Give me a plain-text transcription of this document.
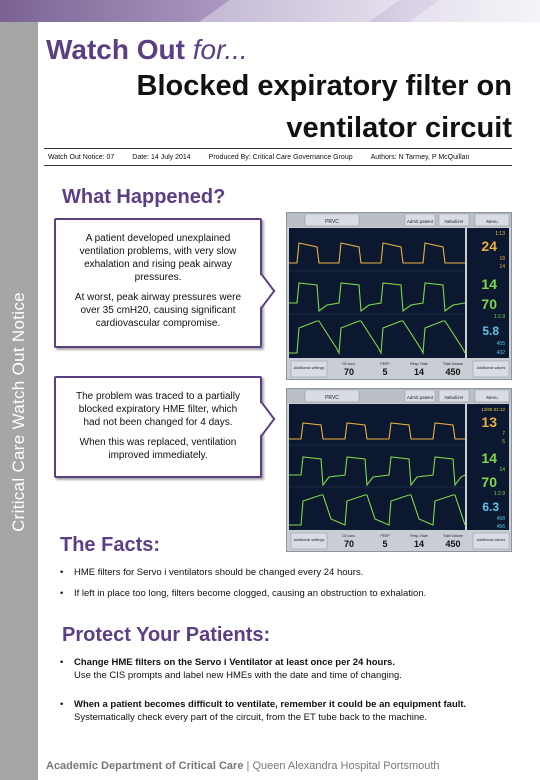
Critical Care Watch Out Notice
Watch Out for...
Blocked expiratory filter on
ventilator circuit
Watch Out Notice: 07	Date: 14 July 2014	Produced By: Critical Care Governance Group	Authors: N Tarmey, P McQuillan
What Happened?

A patient developed unexplained ventilation problems, with very slow exhalation and rising peak airway pressures.

At worst, peak airway pressures were over 35 cmH20, causing significant cardiovascular compromise.

The problem was traced to a partially blocked expiratory HME filter, which had not been changed for 4 days.

When this was replaced, ventilation improved immediately.

PRVC	Admit patient	Nebulizer	Menu
1:13
24
18
14
14
70
1:2.9
5.8
455
432
Additional settings
O2 conc.
70
PEEP
5
Resp. Rate
14
Tidal Volume
450	Additional values
PRVC	Admit patient	Nebulizer	Menu
12/06 01:12
13
7
5
14
14
70
1:2.9
6.3
458
456
Additional settings
O2 conc.
70
PEEP
5
Resp. Rate
14
Tidal Volume
450	Additional values
The Facts:
• HME filters for Servo i ventilators should be changed every 24 hours.
• If left in place too long, filters become clogged, causing an obstruction to exhalation.
Protect Your Patients:
• Change HME filters on the Servo i Ventilator at least once per 24 hours.
Use the CIS prompts and label new HMEs with the date and time of changing.
• When a patient becomes difficult to ventilate, remember it could be an equipment fault.
Systematically check every part of the circuit, from the ET tube back to the machine.
Academic Department of Critical Care | Queen Alexandra Hospital Portsmouth
